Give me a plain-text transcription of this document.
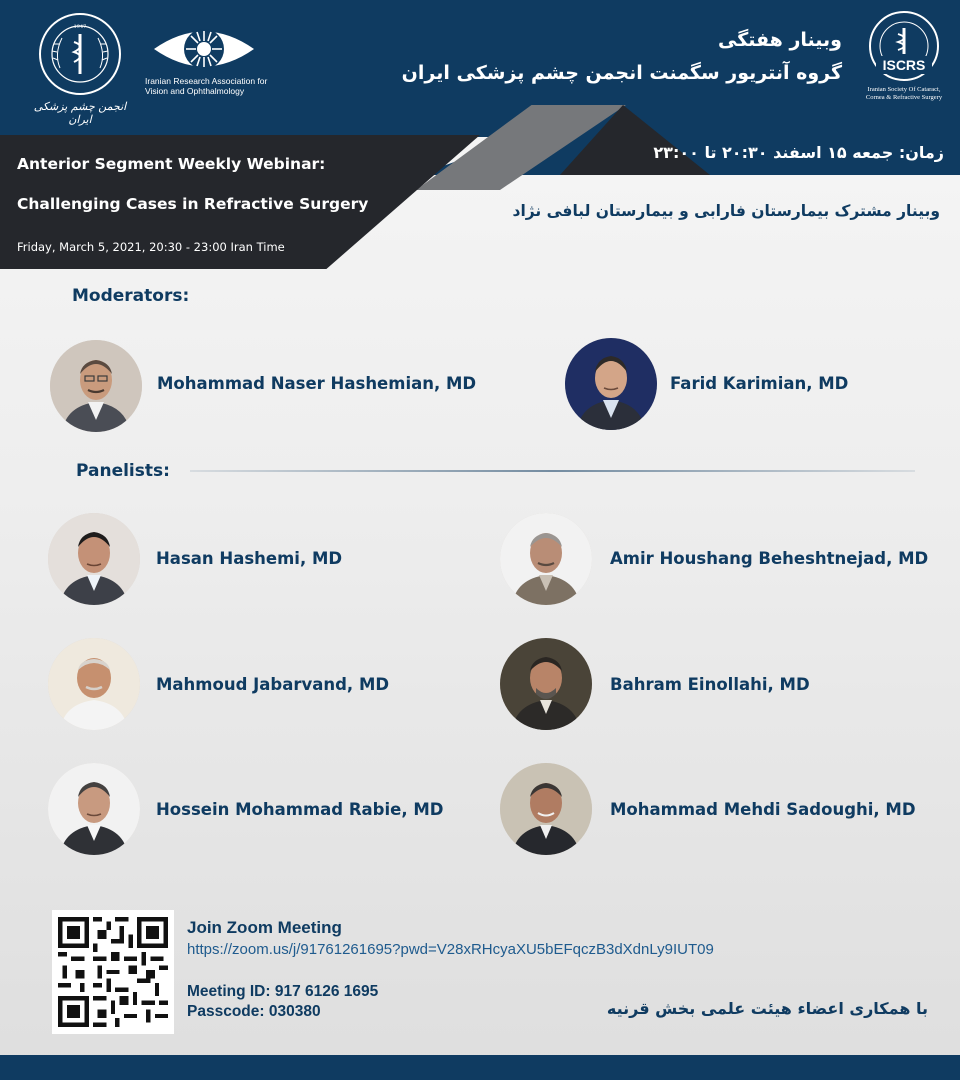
1947
انجمن چشم پزشکی ایران
Iranian Research Association for Vision and Ophthalmology
ISCRS
Iranian Society Of Cataract, Cornea & Refractive Surgery
وبینار هفتگی
گروه آنتریور سگمنت انجمن چشم پزشکی ایران
زمان: جمعه ۱۵ اسفند ۲۰:۳۰ تا ۲۳:۰۰
وبینار مشترک بیمارستان فارابی و بیمارستان لبافی نژاد
Anterior Segment Weekly Webinar:
Challenging Cases in Refractive Surgery
Friday, March 5, 2021, 20:30 - 23:00 Iran Time
Moderators:
Mohammad Naser Hashemian, MD	Farid Karimian, MD
Panelists:
Hasan Hashemi, MD	Amir Houshang Beheshtnejad, MD
Mahmoud Jabarvand, MD	Bahram Einollahi, MD
Hossein Mohammad Rabie, MD	Mohammad Mehdi Sadoughi, MD
Join Zoom Meeting
https://zoom.us/j/91761261695?pwd=V28xRHcyaXU5bEFqczB3dXdnLy9IUT09
Meeting ID: 917 6126 1695
Passcode: 030380	با همکاری اعضاء هیئت علمی بخش قرنیه
